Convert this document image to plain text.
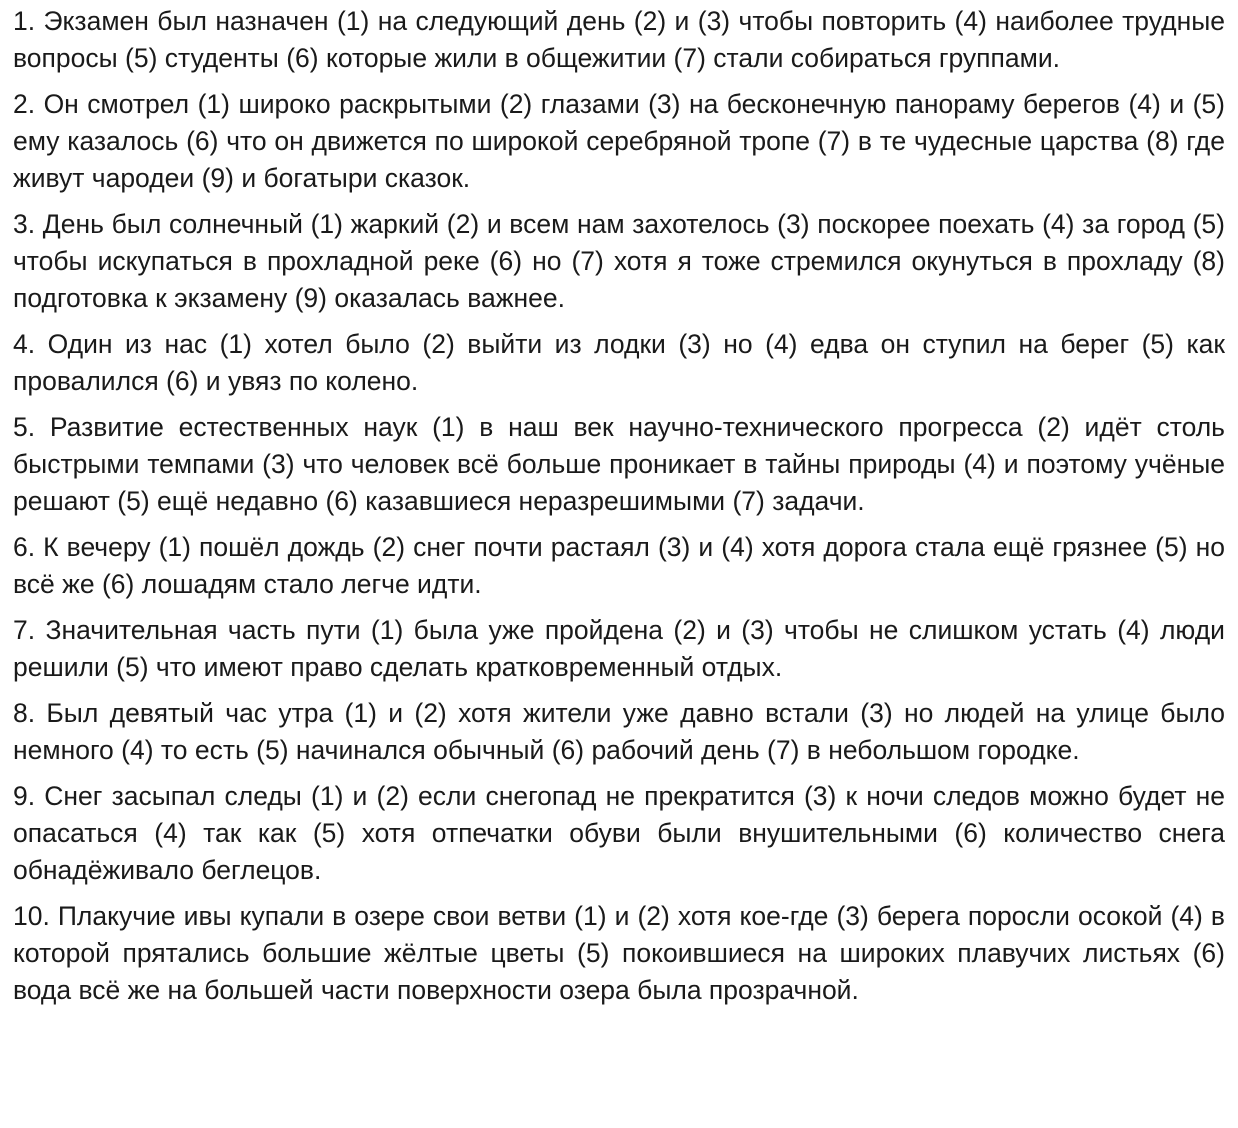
1. Экзамен был назначен (1) на следующий день (2) и (3) чтобы повторить (4) наиболее трудные вопросы (5) студенты (6) которые жили в общежитии (7) стали собираться группами.

2. Он смотрел (1) широко раскрытыми (2) глазами (3) на бесконечную панораму берегов (4) и (5) ему казалось (6) что он движется по широкой серебряной тропе (7) в те чудесные царства (8) где живут чародеи (9) и богатыри сказок.

3. День был солнечный (1) жаркий (2) и всем нам захотелось (3) поскорее поехать (4) за город (5) чтобы искупаться в прохладной реке (6) но (7) хотя я тоже стремился окунуться в прохладу (8) подготовка к экзамену (9) оказалась важнее.

4. Один из нас (1) хотел было (2) выйти из лодки (3) но (4) едва он ступил на берег (5) как провалился (6) и увяз по колено.

5. Развитие естественных наук (1) в наш век научно-технического прогресса (2) идёт столь быстрыми темпами (3) что человек всё больше проникает в тайны природы (4) и поэтому учёные решают (5) ещё недавно (6) казавшиеся неразрешимыми (7) задачи.

6. К вечеру (1) пошёл дождь (2) снег почти растаял (3) и (4) хотя дорога стала ещё грязнее (5) но всё же (6) лошадям стало легче идти.

7. Значительная часть пути (1) была уже пройдена (2) и (3) чтобы не слишком устать (4) люди решили (5) что имеют право сделать кратковременный отдых.

8. Был девятый час утра (1) и (2) хотя жители уже давно встали (3) но людей на улице было немного (4) то есть (5) начинался обычный (6) рабочий день (7) в небольшом городке.

9. Снег засыпал следы (1) и (2) если снегопад не прекратится (3) к ночи следов можно будет не опасаться (4) так как (5) хотя отпечатки обуви были внушительными (6) количество снега обнадёживало беглецов.

10. Плакучие ивы купали в озере свои ветви (1) и (2) хотя кое-где (3) берега поросли осокой (4) в которой прятались большие жёлтые цветы (5) покоившиеся на широких плавучих листьях (6) вода всё же на большей части поверхности озера была прозрачной.
